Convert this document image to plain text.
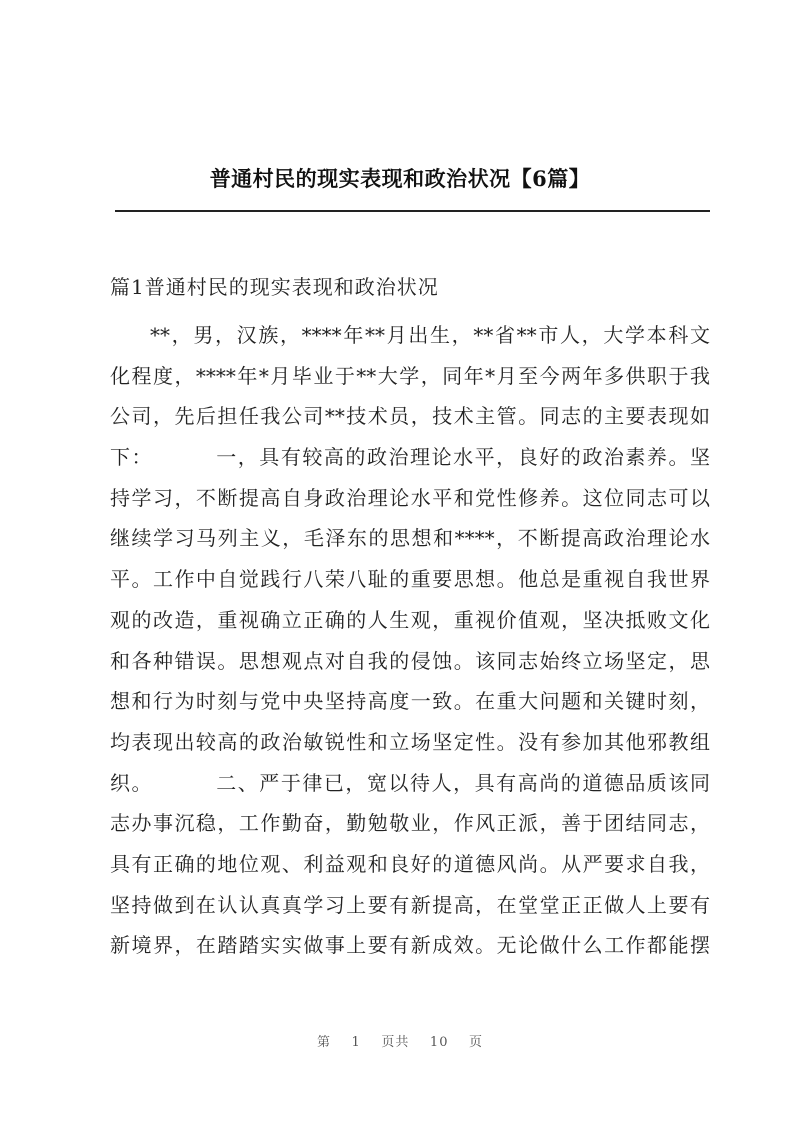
普通村民的现实表现和政治状况【6篇】
篇1普通村民的现实表现和政治状况
**，男，汉族，****年**月出生，**省**市人，大学本科文
化程度，****年*月毕业于**大学，同年*月至今两年多供职于我
公司，先后担任我公司**技术员，技术主管。同志的主要表现如
下：        一，具有较高的政治理论水平，良好的政治素养。坚
持学习，不断提高自身政治理论水平和党性修养。这位同志可以
继续学习马列主义，毛泽东的思想和****，不断提高政治理论水
平。工作中自觉践行八荣八耻的重要思想。他总是重视自我世界
观的改造，重视确立正确的人生观，重视价值观，坚决抵败文化
和各种错误。思想观点对自我的侵蚀。该同志始终立场坚定，思
想和行为时刻与党中央坚持高度一致。在重大问题和关键时刻，
均表现出较高的政治敏锐性和立场坚定性。没有参加其他邪教组
织。        二、严于律已，宽以待人，具有高尚的道德品质该同
志办事沉稳，工作勤奋，勤勉敬业，作风正派，善于团结同志，
具有正确的地位观、利益观和良好的道德风尚。从严要求自我，
坚持做到在认认真真学习上要有新提高，在堂堂正正做人上要有
新境界，在踏踏实实做事上要有新成效。无论做什么工作都能摆
第 1 页共 10 页
